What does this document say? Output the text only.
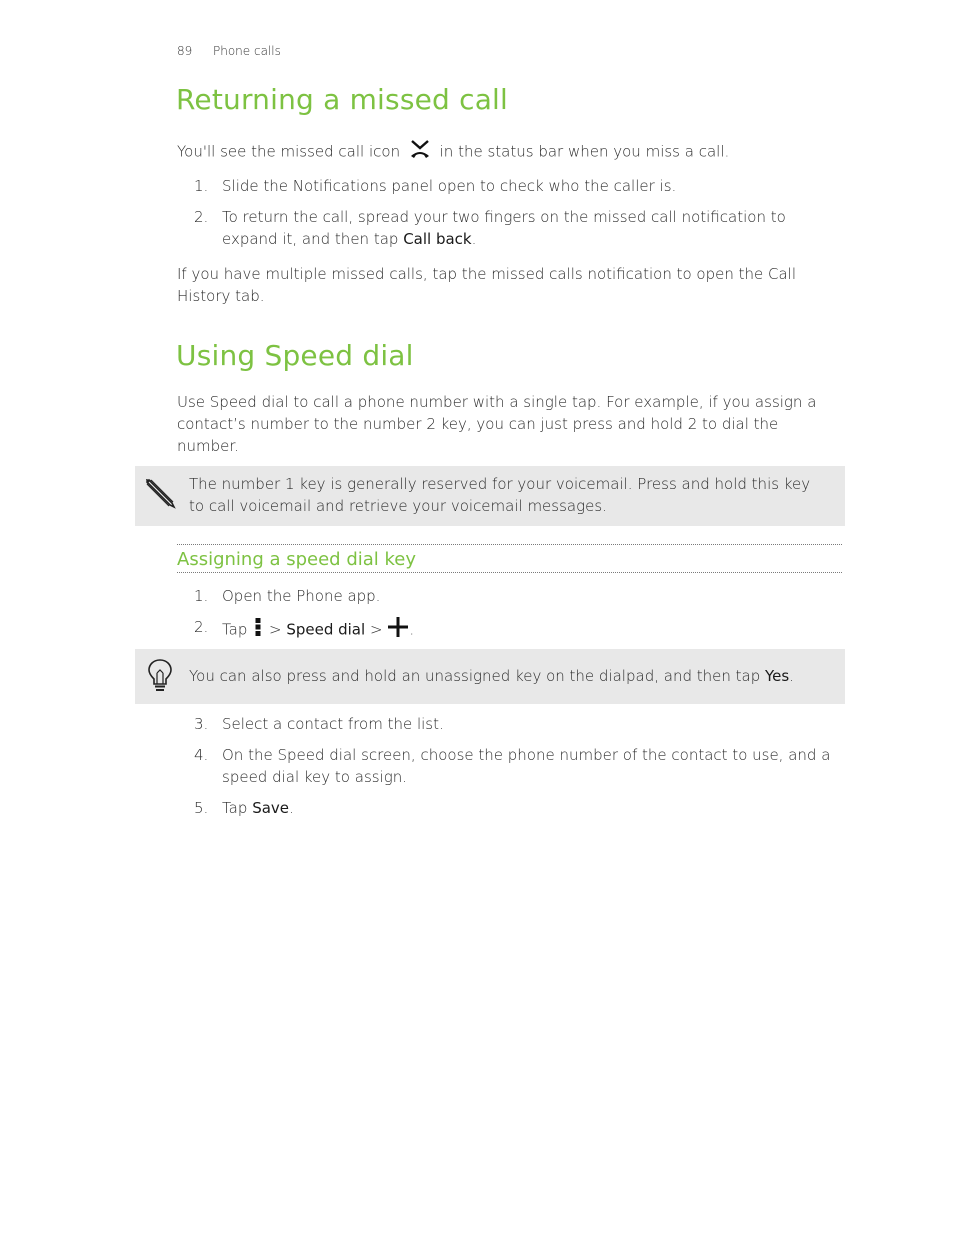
89 Phone calls
Returning a missed call

You'll see the missed call icon	in the status bar when you miss a call.

1. Slide the Notifications panel open to check who the caller is.
2. To return the call, spread your two fingers on the missed call notification to expand it, and then tap Call back.

If you have multiple missed calls, tap the missed calls notification to open the Call History tab.

Using Speed dial

Use Speed dial to call a phone number with a single tap. For example, if you assign a contact’s number to the number 2 key, you can just press and hold 2 to dial the number.

The number 1 key is generally reserved for your voicemail. Press and hold this key to call voicemail and retrieve your voicemail messages.
Assigning a speed dial key
1. Open the Phone app.
2. Tap > Speed dial > .
You can also press and hold an unassigned key on the dialpad, and then tap Yes.
3. Select a contact from the list.
4. On the Speed dial screen, choose the phone number of the contact to use, and a speed dial key to assign.
5. Tap Save.
